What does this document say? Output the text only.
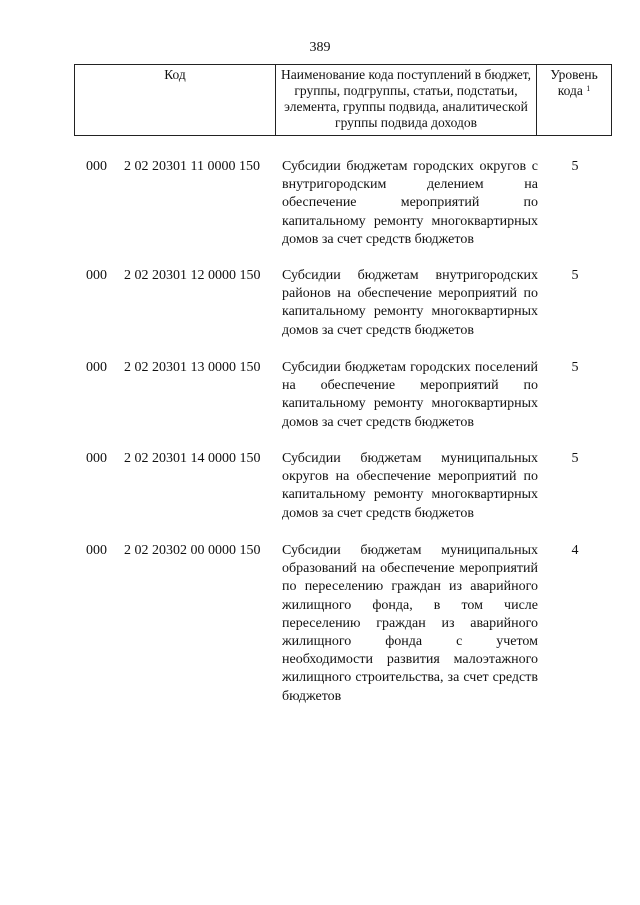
389
Код	Наименование кода поступлений в бюджет, группы, подгруппы, статьи, подстатьи, элемента, группы подвида, аналитической группы подвида доходов
Уровень кода $^1$
000 2 02 20301 11 0000 150 Субсидии бюджетам городских округов с внутригородским делением на обеспечение мероприятий по капитальному ремонту многоквартирных домов за счет средств бюджетов
5
000 2 02 20301 12 0000 150 Субсидии бюджетам внутригородских районов на обеспечение мероприятий по капитальному ремонту многоквартирных домов за счет средств бюджетов
5
000 2 02 20301 13 0000 150 Субсидии бюджетам городских поселений на обеспечение мероприятий по капитальному ремонту многоквартирных домов за счет средств бюджетов
5
000 2 02 20301 14 0000 150 Субсидии бюджетам муниципальных округов на обеспечение мероприятий по капитальному ремонту многоквартирных домов за счет средств бюджетов
5
000 2 02 20302 00 0000 150 Субсидии бюджетам муниципальных образований на обеспечение мероприятий по переселению граждан из аварийного жилищного фонда, в том числе переселению граждан из аварийного жилищного фонда с учетом необходимости развития малоэтажного жилищного строительства, за счет средств бюджетов
4
